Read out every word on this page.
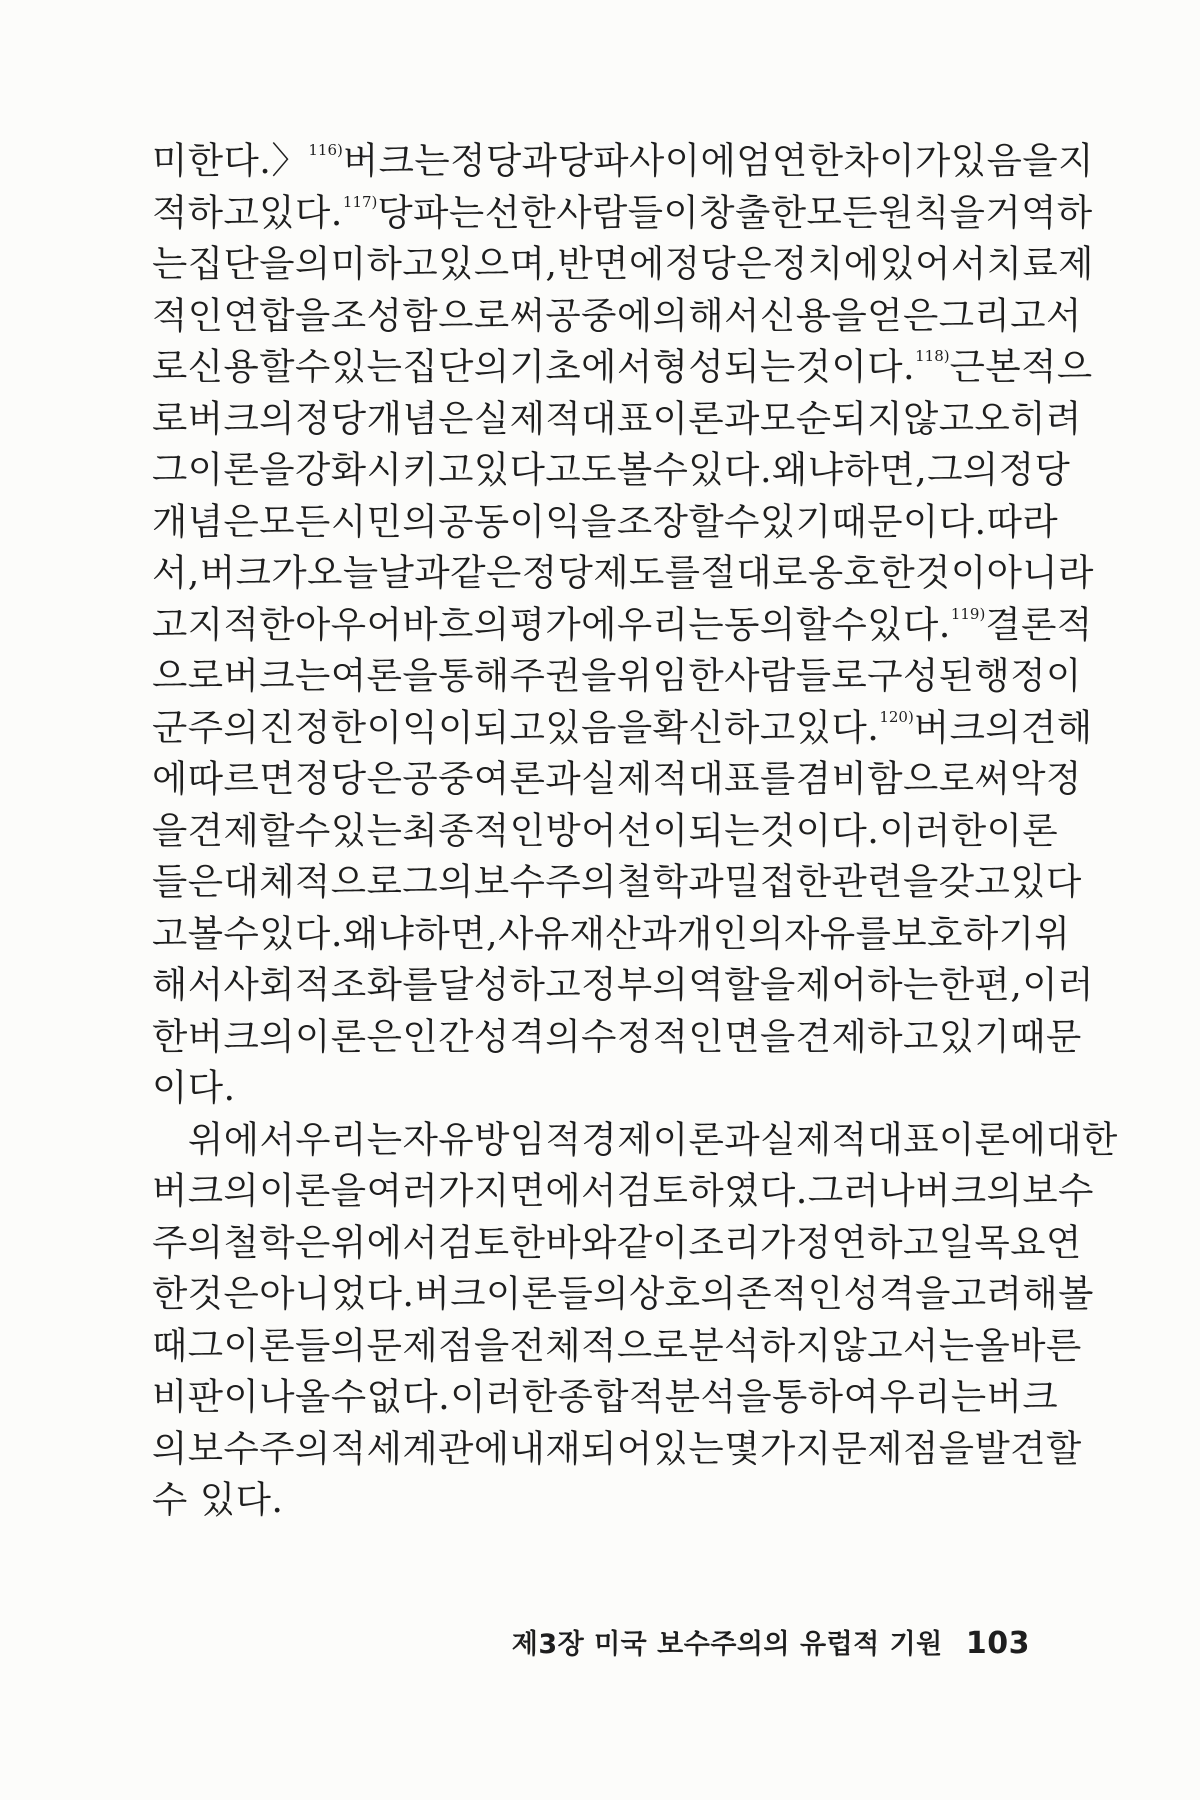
미한다.〉$^{116)}$ 버크는 정당과 당파 사이에 엄연한 차이가 있음을 지
적하고 있다.$^{117)}$ 당파는 선한 사람들이 창출한 모든 원칙을 거역하
는 집단을 의미하고 있으며, 반면에 정당은 정치에 있어서 치료제
적인 연합을 조성함으로써 공중에 의해서 신용을 얻은 그리고 서
로 신용할 수 있는 집단의 기초에서 형성되는 것이다.$^{118)}$ 근본적으
로 버크의 정당 개념은 실제적 대표이론과 모순되지 않고 오히려
그 이론을 강화시키고 있다고도 볼 수 있다. 왜냐하면, 그의 정당
개념은 모든 시민의 공동이익을 조장할 수 있기 때문이다. 따라
서, 버크가 오늘날과 같은 정당제도를 절대로 옹호한 것이 아니라
고 지적한 아우어바흐의 평가에 우리는 동의할 수 있다.$^{119)}$ 결론적
으로 버크는 여론을 통해 주권을 위임한 사람들로 구성된 행정이
군주의 진정한 이익이 되고 있음을 확신하고 있다.$^{120)}$ 버크의 견해
에 따르면 정당은 공중 여론과 실제적 대표를 겸비함으로써 악정
을 견제할 수 있는 최종적인 방어선이 되는 것이다. 이러한 이론
들은 대체적으로 그의 보수주의 철학과 밀접한 관련을 갖고 있다
고 볼 수 있다. 왜냐하면, 사유재산과 개인의 자유를 보호하기 위
해서 사회적 조화를 달성하고 정부의 역할을 제어하는 한편, 이러
한 버크의 이론은 인간 성격의 수정적인 면을 견제하고 있기 때문
이다.
위에서 우리는 자유방임적 경제이론과 실제적 대표이론에 대한
버크의 이론을 여러 가지 면에서 검토하였다. 그러나 버크의 보수
주의 철학은 위에서 검토한 바와 같이 조리가 정연하고 일목요연
한 것은 아니었다. 버크 이론들의 상호의존적인 성격을 고려해 볼
때 그 이론들의 문제점을 전체적으로 분석하지 않고서는 올바른
비판이 나올 수 없다. 이러한 종합적 분석을 통하여 우리는 버크
의 보수주의적 세계관에 내재되어 있는 몇 가지 문제점을 발견할
수 있다.
제3장 미국 보수주의의 유럽적 기원 103
